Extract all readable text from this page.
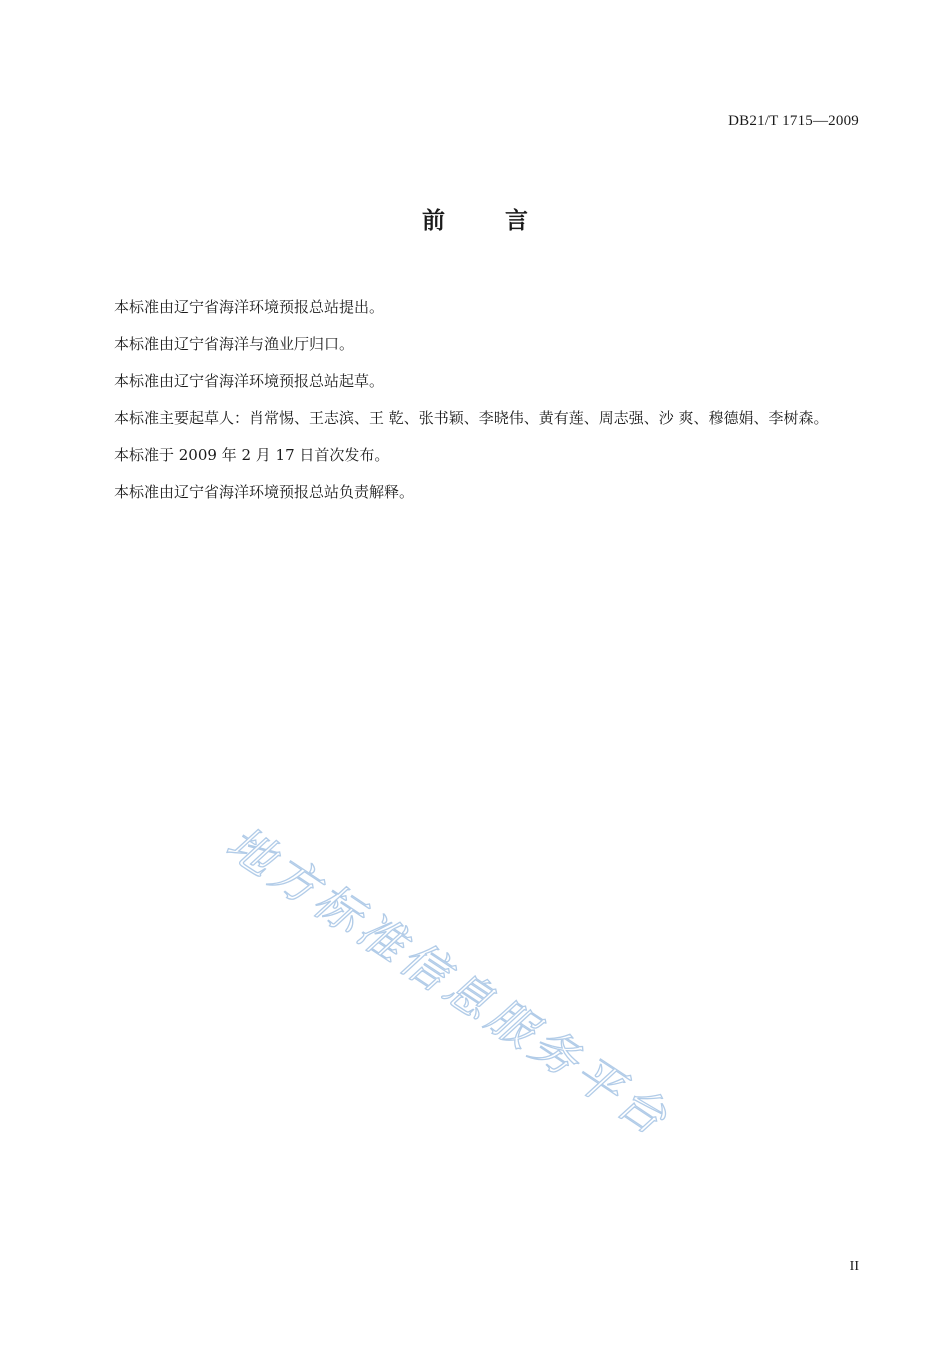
DB21/T 1715—2009
前言

本标准由辽宁省海洋环境预报总站提出。

本标准由辽宁省海洋与渔业厅归口。

本标准由辽宁省海洋环境预报总站起草。

本标准主要起草人：肖常惕、王志滨、王 乾、张书颖、李晓伟、黄有莲、周志强、沙 爽、穆德娟、李树森。

本标准于 2009 年 2 月 17 日首次发布。

本标准由辽宁省海洋环境预报总站负责解释。

地方标准信息服务平台
II
